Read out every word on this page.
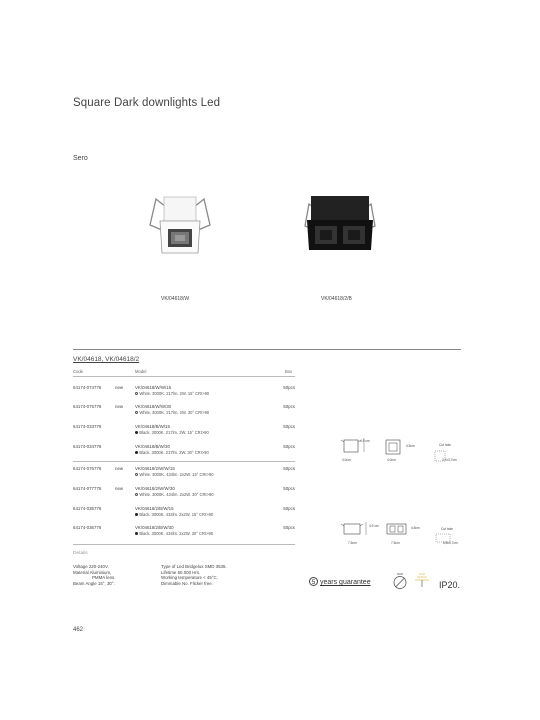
Square Dark downlights Led
Sero
VK/04618/W	VK/04618/2/B
VK/04618, VK/04618/2
Code	Model	Box
64174-074776	new	VK/04618/W/W/15
White. 3000K. 217lm. 2W. 15° CRI>90
50pcs
64174-075776	new	VK/04618/W/W/30
White. 3000K. 217lm. 2W. 30° CRI>90
50pcs
64174-033776	VK/04618/B/W/15
Black. 3000K. 217lm. 2W. 15° CRI>90
50pcs
64174-034776	VK/04618/B/W/30
Black. 3000K. 217lm. 2W. 30° CRI>90
50pcs
64174-076776	new	VK/04618/2/W/W/15
White. 3000K. 434lm. 2x2W. 15° CRI>90
50pcs
64174-077776	new	VK/04618/2/W/W/30
White. 3000K. 434lm. 2x2W. 30° CRI>90
50pcs
64174-035776	VK/04618/2/B/W/15
Black. 3000K. 434lm. 2x2W. 15° CRI>90
50pcs
64174-036776	VK/04618/2/B/W/30
Black. 3000K. 434lm. 2x2W. 30° CRI>90
50pcs
4.9 cm
4.0cm
4.5cm
4.0cm
Cut hole
3,7x3,7cm
4.9 cm
7.5cm
4.5cm
7.5cm
Cut hole
6,8x3,7cm
Details
Voltage 220-240V.
Material Aluminium,
PMMA lens.
Beam Angle 15°, 30°.
Type of Led Bridgelux SMD 3535.
Lifetime 50.000 Hrs.
Working temperature < 45°C.
Dimmable No. Flicker free.	5 years guarantee	IP20.
462
